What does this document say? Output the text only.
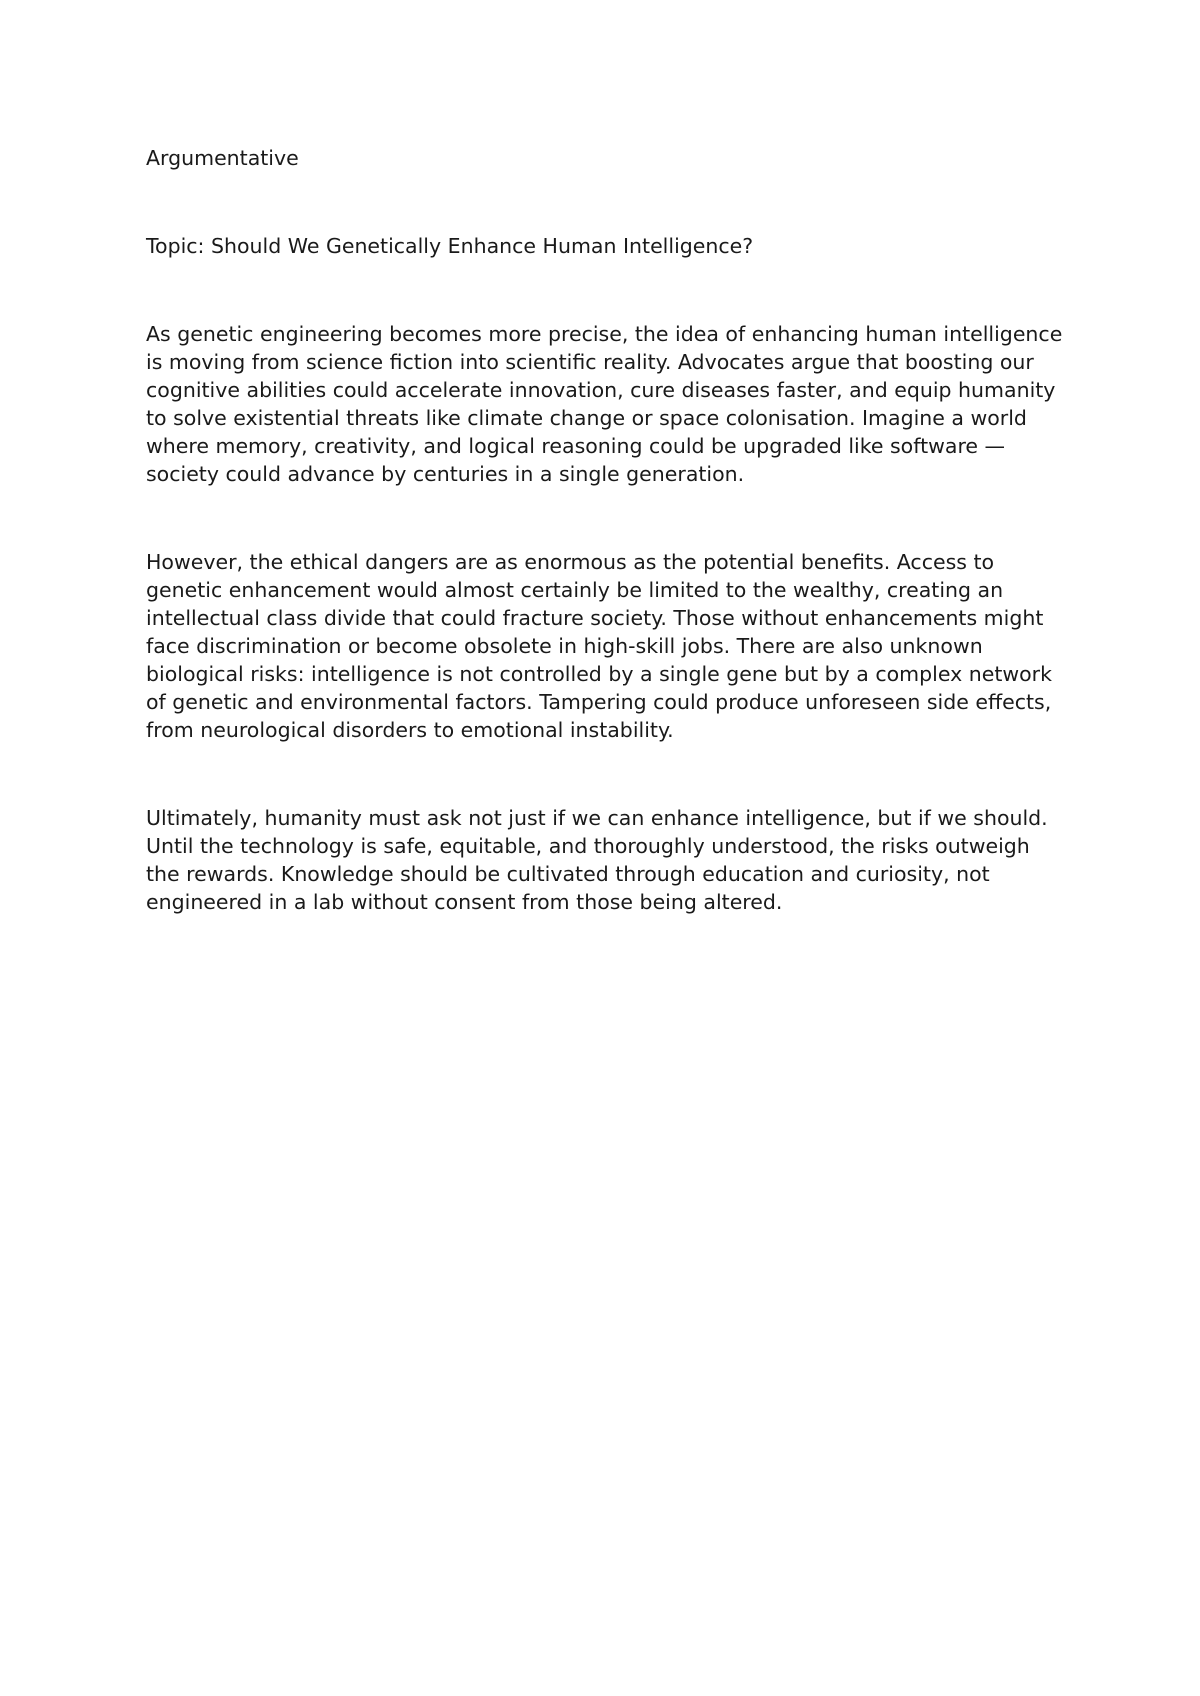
Argumentative

Topic: Should We Genetically Enhance Human Intelligence?

As genetic engineering becomes more precise, the idea of enhancing human intelligence is moving from science fiction into scientific reality. Advocates argue that boosting our cognitive abilities could accelerate innovation, cure diseases faster, and equip humanity to solve existential threats like climate change or space colonisation. Imagine a world where memory, creativity, and logical reasoning could be upgraded like software — society could advance by centuries in a single generation.

However, the ethical dangers are as enormous as the potential benefits. Access to genetic enhancement would almost certainly be limited to the wealthy, creating an intellectual class divide that could fracture society. Those without enhancements might face discrimination or become obsolete in high-skill jobs. There are also unknown biological risks: intelligence is not controlled by a single gene but by a complex network of genetic and environmental factors. Tampering could produce unforeseen side effects, from neurological disorders to emotional instability.

Ultimately, humanity must ask not just if we can enhance intelligence, but if we should. Until the technology is safe, equitable, and thoroughly understood, the risks outweigh the rewards. Knowledge should be cultivated through education and curiosity, not engineered in a lab without consent from those being altered.
